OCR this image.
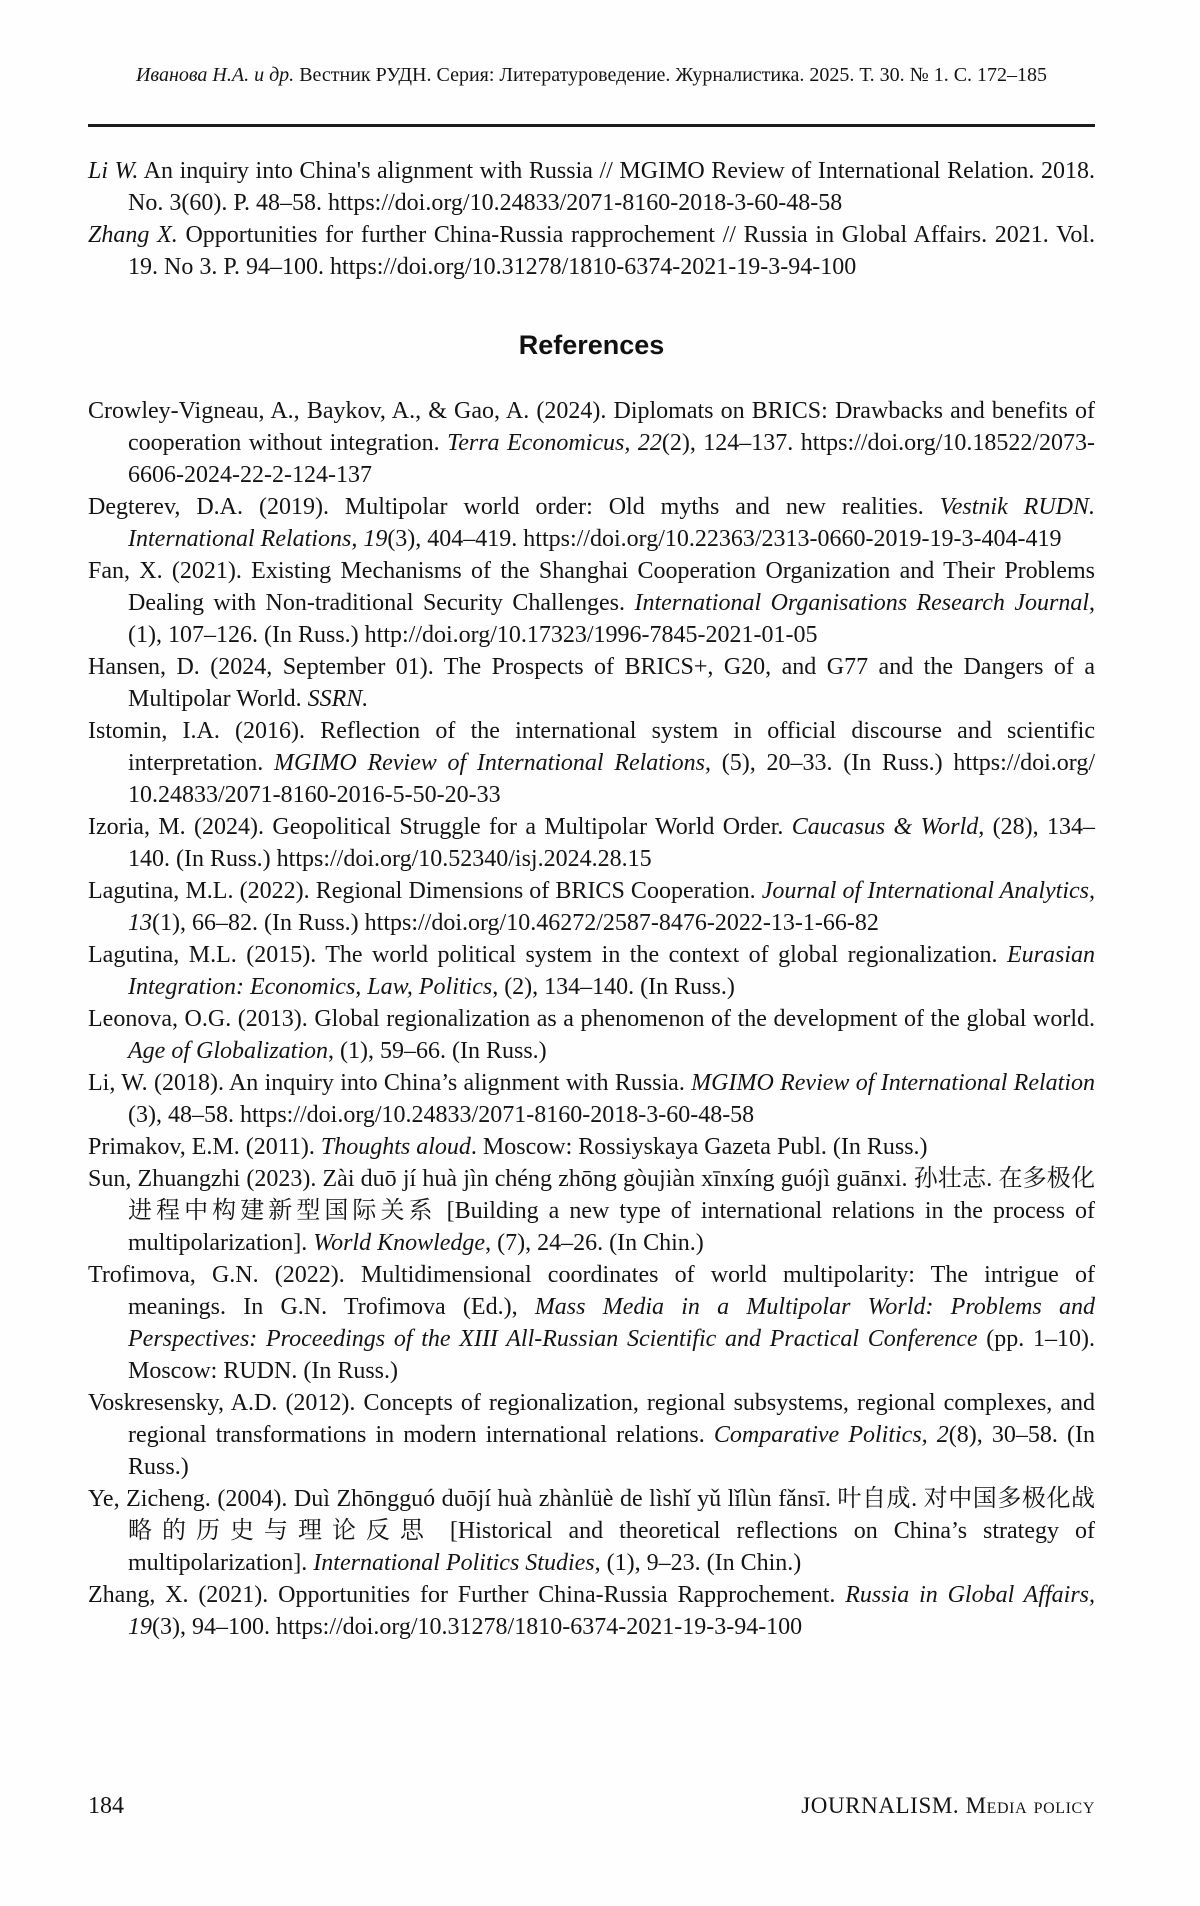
Иванова Н.А. и др. Вестник РУДН. Серия: Литературоведение. Журналистика. 2025. Т. 30. № 1. С. 172–185

Li W. An inquiry into China's alignment with Russia // MGIMO Review of International Relation. 2018. No. 3(60). P. 48–58. https://doi.org/10.24833/2071-8160-2018-3-60-48-58

Zhang X. Opportunities for further China-Russia rapprochement // Russia in Global Affairs. 2021. Vol. 19. No 3. P. 94–100. https://doi.org/10.31278/1810-6374-2021-19-3-94-100

References

Crowley-Vigneau, A., Baykov, A., & Gao, A. (2024). Diplomats on BRICS: Drawbacks and benefits of cooperation without integration. Terra Economicus, 22(2), 124–137. https://doi.org/10.18522/2073-6606-2024-22-2-124-137

Degterev, D.A. (2019). Multipolar world order: Old myths and new realities. Vestnik RUDN. International Relations, 19(3), 404–419. https://doi.org/10.22363/2313-0660-2019-19-3-404-419

Fan, X. (2021). Existing Mechanisms of the Shanghai Cooperation Organization and Their Problems Dealing with Non-traditional Security Challenges. International Organisations Research Journal, (1), 107–126. (In Russ.) http://doi.org/10.17323/1996-7845-2021-01-05

Hansen, D. (2024, September 01). The Prospects of BRICS+, G20, and G77 and the Dangers of a Multipolar World. SSRN.

Istomin, I.A. (2016). Reflection of the international system in official discourse and scientific interpretation. MGIMO Review of International Relations, (5), 20–33. (In Russ.) https://doi.org/ 10.24833/2071-8160-2016-5-50-20-33

Izoria, M. (2024). Geopolitical Struggle for a Multipolar World Order. Caucasus & World, (28), 134–140. (In Russ.) https://doi.org/10.52340/isj.2024.28.15

Lagutina, M.L. (2022). Regional Dimensions of BRICS Cooperation. Journal of International Analytics, 13(1), 66–82. (In Russ.) https://doi.org/10.46272/2587-8476-2022-13-1-66-82

Lagutina, M.L. (2015). The world political system in the context of global regionalization. Eurasian Integration: Economics, Law, Politics, (2), 134–140. (In Russ.)

Leonova, O.G. (2013). Global regionalization as a phenomenon of the development of the global world. Age of Globalization, (1), 59–66. (In Russ.)

Li, W. (2018). An inquiry into China’s alignment with Russia. MGIMO Review of International Relation (3), 48–58. https://doi.org/10.24833/2071-8160-2018-3-60-48-58

Primakov, E.M. (2011). Thoughts aloud. Moscow: Rossiyskaya Gazeta Publ. (In Russ.)

Sun, Zhuangzhi (2023). Zài duō jí huà jìn chéng zhōng gòujiàn xīnxíng guójì guānxi. 孙壮志. 在多极化进程中构建新型国际关系 [Building a new type of international relations in the process of multipolarization]. World Knowledge, (7), 24–26. (In Chin.)

Trofimova, G.N. (2022). Multidimensional coordinates of world multipolarity: The intrigue of meanings. In G.N. Trofimova (Ed.), Mass Media in a Multipolar World: Problems and Perspectives: Proceedings of the XIII All-Russian Scientific and Practical Conference (pp. 1–10). Moscow: RUDN. (In Russ.)

Voskresensky, A.D. (2012). Concepts of regionalization, regional subsystems, regional complexes, and regional transformations in modern international relations. Comparative Politics, 2(8), 30–58. (In Russ.)

Ye, Zicheng. (2004). Duì Zhōngguó duōjí huà zhànlüè de lìshǐ yǔ lǐlùn fǎnsī. 叶自成. 对中国多极化战略的历史与理论反思 [Historical and theoretical reflections on China’s strategy of multipolarization]. International Politics Studies, (1), 9–23. (In Chin.)

Zhang, X. (2021). Opportunities for Further China-Russia Rapprochement. Russia in Global Affairs, 19(3), 94–100. https://doi.org/10.31278/1810-6374-2021-19-3-94-100

184	JOURNALISM. Media policy
